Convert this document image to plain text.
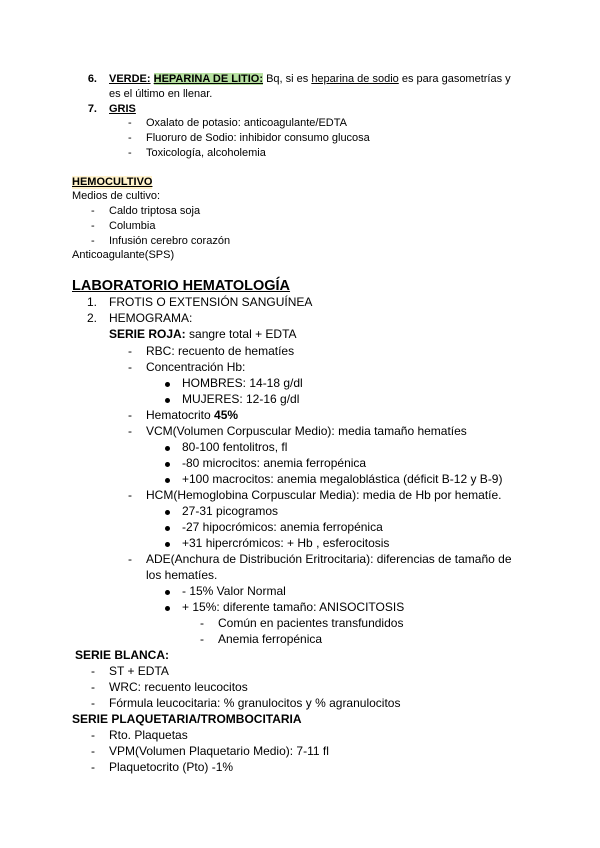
6. VERDE: HEPARINA DE LITIO: Bq, si es heparina de sodio es para gasometrías y
es el último en llenar.
7. GRIS
- Oxalato de potasio: anticoagulante/EDTA
- Fluoruro de Sodio: inhibidor consumo glucosa
- Toxicología, alcoholemia
HEMOCULTIVO
Medios de cultivo:
- Caldo triptosa soja
- Columbia
- Infusión cerebro corazón
Anticoagulante(SPS)
LABORATORIO HEMATOLOGÍA
1. FROTIS O EXTENSIÓN SANGUÍNEA
2. HEMOGRAMA:
SERIE ROJA: sangre total + EDTA
- RBC: recuento de hematíes
- Concentración Hb:
HOMBRES: 14-18 g/dl
MUJERES: 12-16 g/dl
- Hematocrito 45%
- VCM(Volumen Corpuscular Medio): media tamaño hematíes
80-100 fentolitros, fl
-80 microcitos: anemia ferropénica
+100 macrocitos: anemia megaloblástica (déficit B-12 y B-9)
- HCM(Hemoglobina Corpuscular Media): media de Hb por hematíe.
27-31 picogramos
-27 hipocrómicos: anemia ferropénica
+31 hipercrómicos: + Hb , esferocitosis
- ADE(Anchura de Distribución Eritrocitaria): diferencias de tamaño de
los hematíes.
- 15% Valor Normal
+ 15%: diferente tamaño: ANISOCITOSIS
- Común en pacientes transfundidos
- Anemia ferropénica
SERIE BLANCA:
- ST + EDTA
- WRC: recuento leucocitos
- Fórmula leucocitaria: % granulocitos y % agranulocitos
SERIE PLAQUETARIA/TROMBOCITARIA
- Rto. Plaquetas
- VPM(Volumen Plaquetario Medio): 7-11 fl
- Plaquetocrito (Pto) -1%
